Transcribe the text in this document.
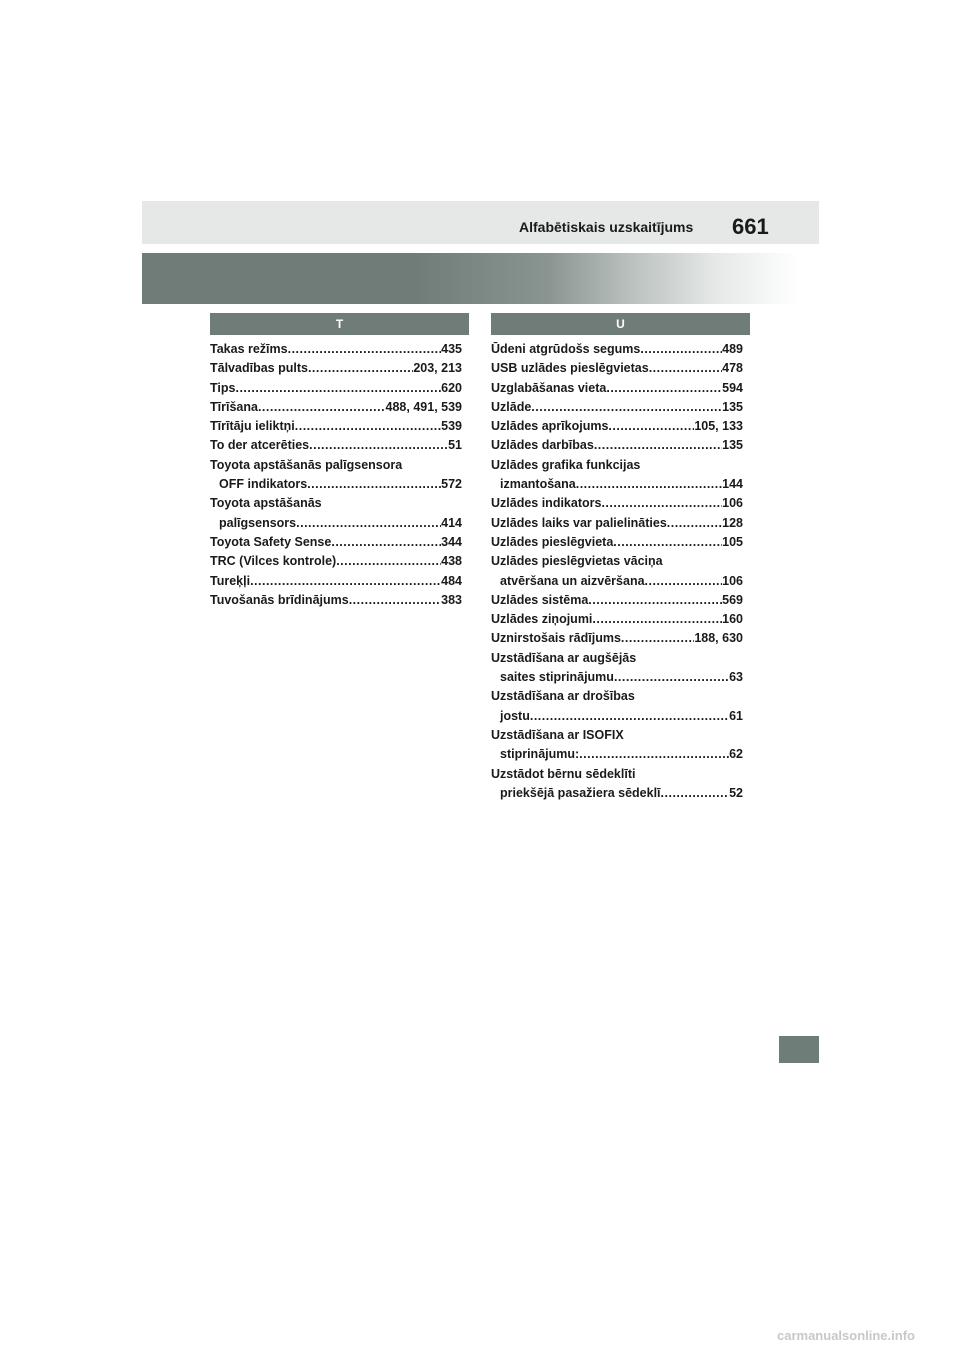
Alfabētiskais uzskaitījums 661
T
Takas režīms .....	435
Tālvadības pults .....	203, 213
Tips .....	620
Tīrīšana .....	488, 491, 539
Tīrītāju ieliktņi .....	539
To der atcerēties .....	51
Toyota apstāšanās palīgsensora
OFF indikators .....	572
Toyota apstāšanās
palīgsensors .....	414
Toyota Safety Sense .....	344
TRC (Vilces kontrole) .....	438
Tureķļi .....	484
Tuvošanās brīdinājums .....	383
U
Ūdeni atgrūdošs segums .....	489
USB uzlādes pieslēgvietas .....	478
Uzglabāšanas vieta .....	594
Uzlāde .....	135
Uzlādes aprīkojums .....	105, 133
Uzlādes darbības .....	135
Uzlādes grafika funkcijas
izmantošana .....	144
Uzlādes indikators .....	106
Uzlādes laiks var palielināties .....	128
Uzlādes pieslēgvieta .....	105
Uzlādes pieslēgvietas vāciņa
atvēršana un aizvēršana .....	106
Uzlādes sistēma .....	569
Uzlādes ziņojumi .....	160
Uznirstošais rādījums .....	188, 630
Uzstādīšana ar augšējās
saites stiprinājumu .....	63
Uzstādīšana ar drošības
jostu .....	61
Uzstādīšana ar ISOFIX
stiprinājumu: .....	62
Uzstādot bērnu sēdeklīti
priekšējā pasažiera sēdeklī .....	52
carmanualsonline.info
